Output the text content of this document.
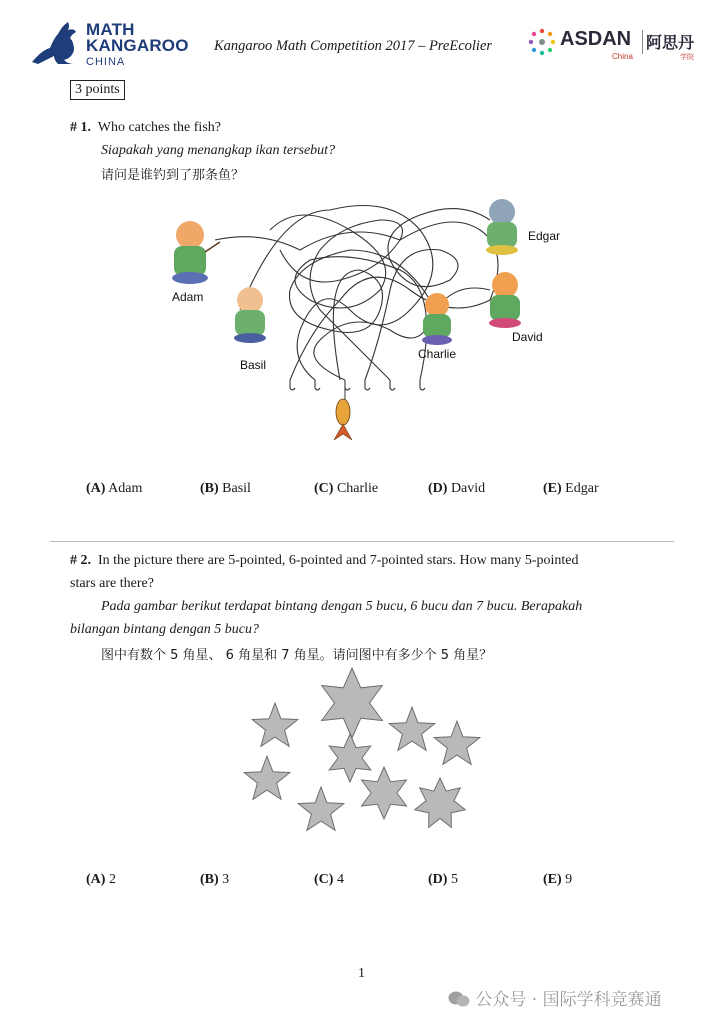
MATH
KANGAROO
CHINA
Kangaroo Math Competition 2017 – PreEcolier	ASDAN 阿思丹
China	学院
3 points
# 1. Who catches the fish?
Siapakah yang menangkap ikan tersebut?
请问是谁钓到了那条鱼？
Adam
Basil
Charlie
David
Edgar
(A) Adam	(B) Basil	(C) Charlie	(D) David	(E) Edgar
# 2. In the picture there are 5-pointed, 6-pointed and 7-pointed stars. How many 5-pointed
stars are there?
Pada gambar berikut terdapat bintang dengan 5 bucu, 6 bucu dan 7 bucu. Berapakah
bilangan bintang dengan 5 bucu?
图中有数个 5 角星、 6 角星和 7 角星。请问图中有多少个 5 角星？
(A) 2	(B) 3	(C) 4	(D) 5	(E) 9
1
公众号 · 国际学科竞赛通
